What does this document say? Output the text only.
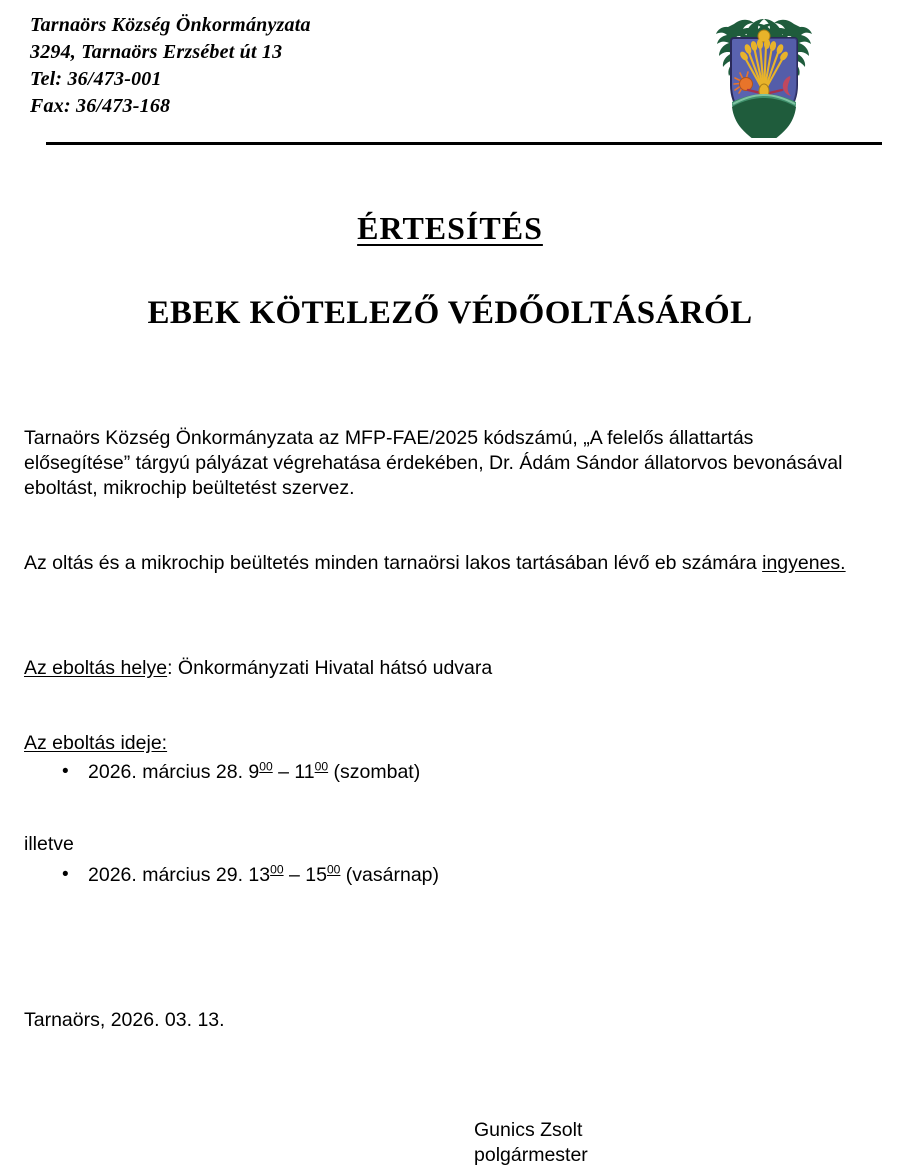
Tarnaörs Község Önkormányzata
3294, Tarnaörs Erzsébet út 13
Tel: 36/473-001
Fax: 36/473-168
ÉRTESÍTÉS
EBEK KÖTELEZŐ VÉDŐOLTÁSÁRÓL

Tarnaörs Község Önkormányzata az MFP-FAE/2025 kódszámú, „A felelős állattartás elősegítése” tárgyú pályázat végrehatása érdekében, Dr. Ádám Sándor állatorvos bevonásával eboltást, mikrochip beültetést szervez.

Az oltás és a mikrochip beültetés minden tarnaörsi lakos tartásában lévő eb számára ingyenes.

Az eboltás helye: Önkormányzati Hivatal hátsó udvara

Az eboltás ideje:

• 2026. március 28. $9^{00} - 11^{00}$ (szombat)

illetve

• 2026. március 29. $13^{00} - 15^{00}$ (vasárnap)

Tarnaörs, 2026. 03. 13.

Gunics Zsolt
polgármester
